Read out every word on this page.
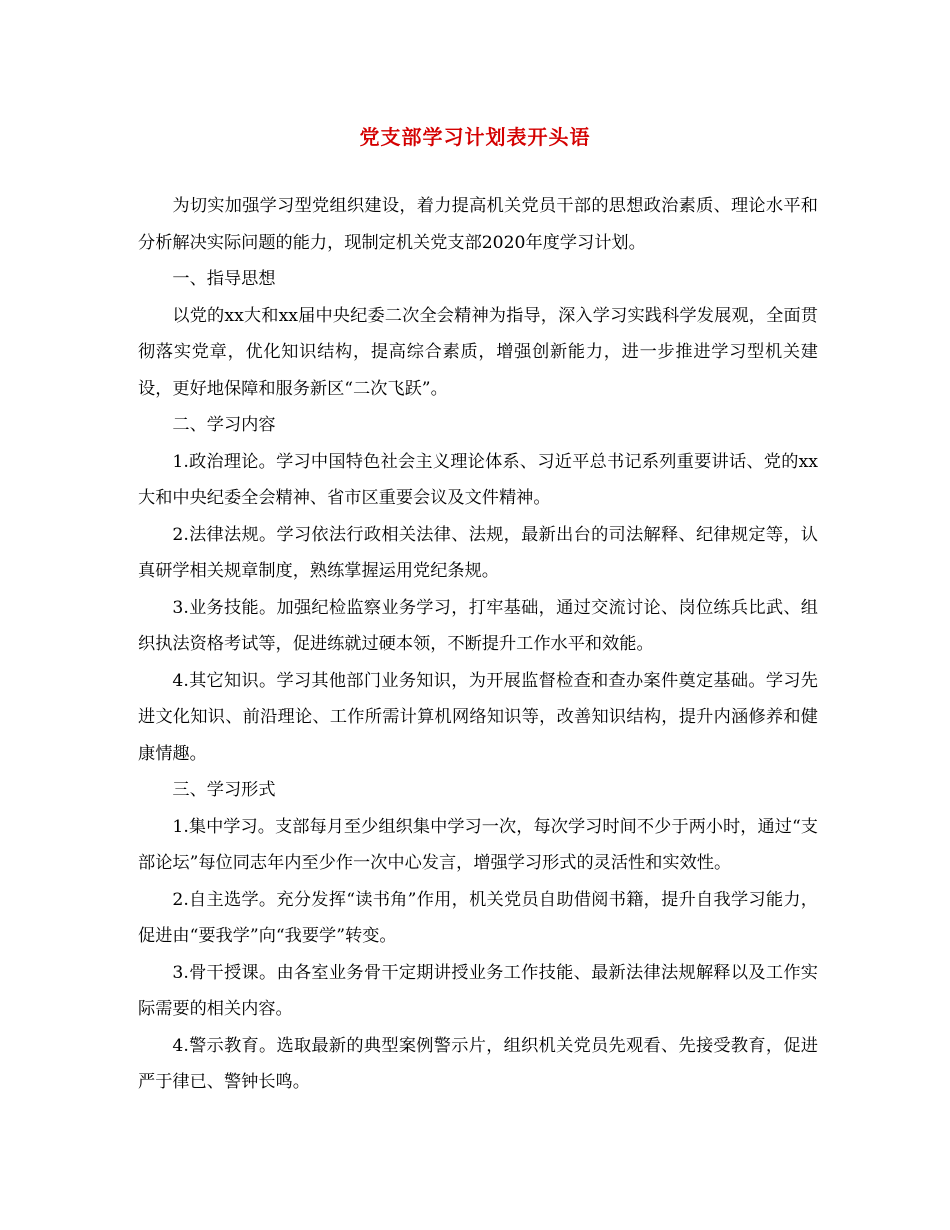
党支部学习计划表开头语

为切实加强学习型党组织建设，着力提高机关党员干部的思想政治素质、理论水平和分析解决实际问题的能力，现制定机关党支部2020年度学习计划。

一、指导思想

以党的xx大和xx届中央纪委二次全会精神为指导，深入学习实践科学发展观，全面贯彻落实党章，优化知识结构，提高综合素质，增强创新能力，进一步推进学习型机关建设，更好地保障和服务新区“二次飞跃”。

二、学习内容

1.政治理论。学习中国特色社会主义理论体系、习近平总书记系列重要讲话、党的xx大和中央纪委全会精神、省市区重要会议及文件精神。

2.法律法规。学习依法行政相关法律、法规，最新出台的司法解释、纪律规定等，认真研学相关规章制度，熟练掌握运用党纪条规。

3.业务技能。加强纪检监察业务学习，打牢基础，通过交流讨论、岗位练兵比武、组织执法资格考试等，促进练就过硬本领，不断提升工作水平和效能。

4.其它知识。学习其他部门业务知识，为开展监督检查和查办案件奠定基础。学习先进文化知识、前沿理论、工作所需计算机网络知识等，改善知识结构，提升内涵修养和健康情趣。

三、学习形式

1.集中学习。支部每月至少组织集中学习一次，每次学习时间不少于两小时，通过“支部论坛”每位同志年内至少作一次中心发言，增强学习形式的灵活性和实效性。

2.自主选学。充分发挥“读书角”作用，机关党员自助借阅书籍，提升自我学习能力，促进由“要我学”向“我要学”转变。

3.骨干授课。由各室业务骨干定期讲授业务工作技能、最新法律法规解释以及工作实际需要的相关内容。

4.警示教育。选取最新的典型案例警示片，组织机关党员先观看、先接受教育，促进严于律已、警钟长鸣。
